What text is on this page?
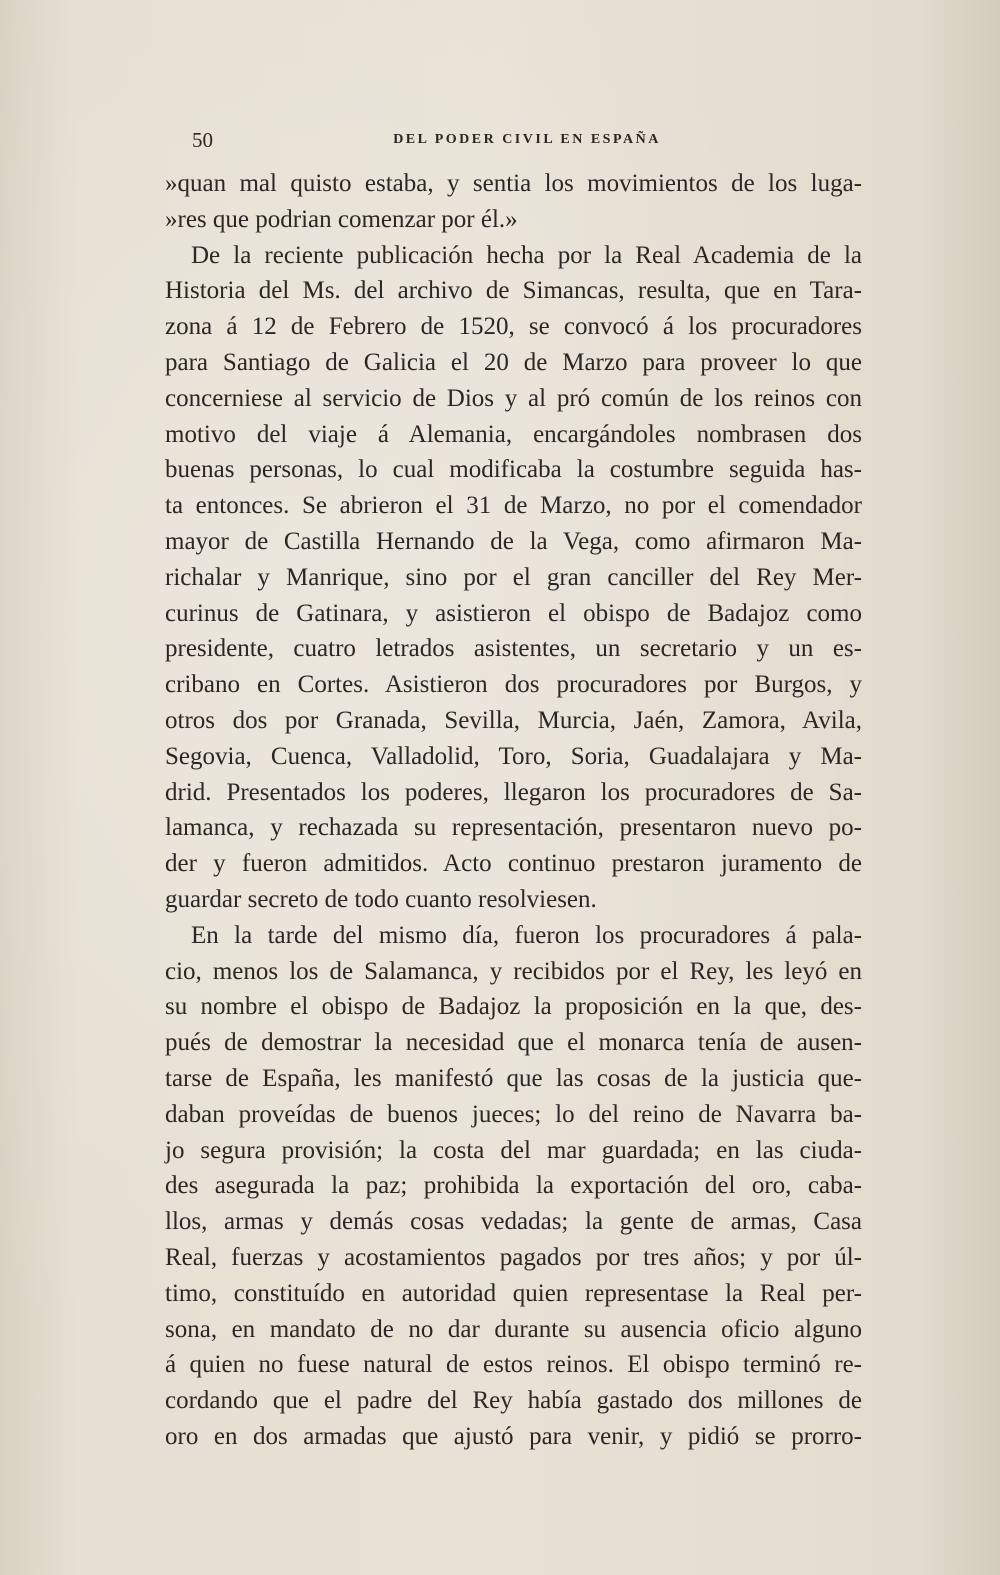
50	DEL PODER CIVIL EN ESPAÑA
»quan mal quisto estaba, y sentia los movimientos de los luga-
»res que podrian comenzar por él.»
De la reciente publicación hecha por la Real Academia de la
Historia del Ms. del archivo de Simancas, resulta, que en Tara-
zona á 12 de Febrero de 1520, se convocó á los procuradores
para Santiago de Galicia el 20 de Marzo para proveer lo que
concerniese al servicio de Dios y al pró común de los reinos con
motivo del viaje á Alemania, encargándoles nombrasen dos
buenas personas, lo cual modificaba la costumbre seguida has-
ta entonces. Se abrieron el 31 de Marzo, no por el comendador
mayor de Castilla Hernando de la Vega, como afirmaron Ma-
richalar y Manrique, sino por el gran canciller del Rey Mer-
curinus de Gatinara, y asistieron el obispo de Badajoz como
presidente, cuatro letrados asistentes, un secretario y un es-
cribano en Cortes. Asistieron dos procuradores por Burgos, y
otros dos por Granada, Sevilla, Murcia, Jaén, Zamora, Avila,
Segovia, Cuenca, Valladolid, Toro, Soria, Guadalajara y Ma-
drid. Presentados los poderes, llegaron los procuradores de Sa-
lamanca, y rechazada su representación, presentaron nuevo po-
der y fueron admitidos. Acto continuo prestaron juramento de
guardar secreto de todo cuanto resolviesen.
En la tarde del mismo día, fueron los procuradores á pala-
cio, menos los de Salamanca, y recibidos por el Rey, les leyó en
su nombre el obispo de Badajoz la proposición en la que, des-
pués de demostrar la necesidad que el monarca tenía de ausen-
tarse de España, les manifestó que las cosas de la justicia que-
daban proveídas de buenos jueces; lo del reino de Navarra ba-
jo segura provisión; la costa del mar guardada; en las ciuda-
des asegurada la paz; prohibida la exportación del oro, caba-
llos, armas y demás cosas vedadas; la gente de armas, Casa
Real, fuerzas y acostamientos pagados por tres años; y por úl-
timo, constituído en autoridad quien representase la Real per-
sona, en mandato de no dar durante su ausencia oficio alguno
á quien no fuese natural de estos reinos. El obispo terminó re-
cordando que el padre del Rey había gastado dos millones de
oro en dos armadas que ajustó para venir, y pidió se prorro-
